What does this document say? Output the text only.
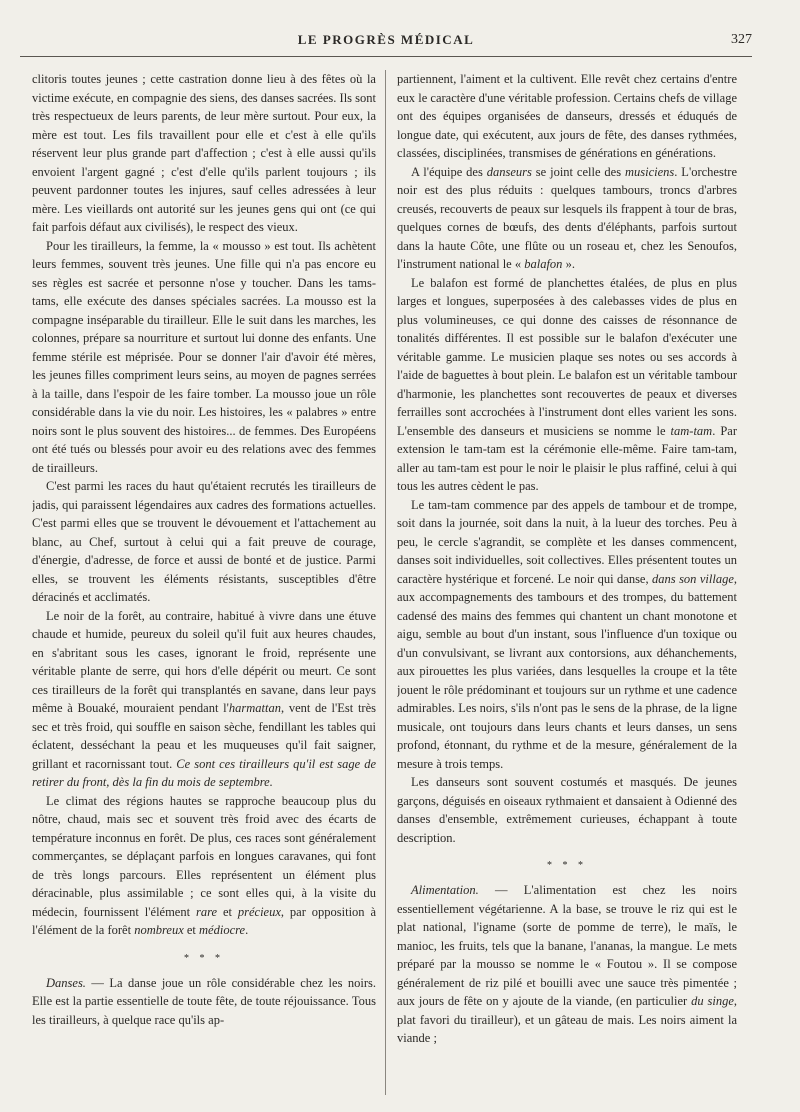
LE PROGRÈS MÉDICAL	327

clitoris toutes jeunes ; cette castration donne lieu à des fêtes où la victime exécute, en compagnie des siens, des danses sacrées. Ils sont très respectueux de leurs parents, de leur mère surtout. Pour eux, la mère est tout. Les fils travaillent pour elle et c'est à elle qu'ils réservent leur plus grande part d'affection ; c'est à elle aussi qu'ils envoient l'argent gagné ; c'est d'elle qu'ils parlent toujours ; ils peuvent pardonner toutes les injures, sauf celles adressées à leur mère. Les vieillards ont autorité sur les jeunes gens qui ont (ce qui fait parfois défaut aux civilisés), le respect des vieux.

Pour les tirailleurs, la femme, la « mousso » est tout. Ils achètent leurs femmes, souvent très jeunes. Une fille qui n'a pas encore eu ses règles est sacrée et personne n'ose y toucher. Dans les tams-tams, elle exécute des danses spéciales sacrées. La mousso est la compagne inséparable du tirailleur. Elle le suit dans les marches, les colonnes, prépare sa nourriture et surtout lui donne des enfants. Une femme stérile est méprisée. Pour se donner l'air d'avoir été mères, les jeunes filles compriment leurs seins, au moyen de pagnes serrées à la taille, dans l'espoir de les faire tomber. La mousso joue un rôle considérable dans la vie du noir. Les histoires, les « palabres » entre noirs sont le plus souvent des histoires... de femmes. Des Européens ont été tués ou blessés pour avoir eu des relations avec des femmes de tirailleurs.

C'est parmi les races du haut qu'étaient recrutés les tirailleurs de jadis, qui paraissent légendaires aux cadres des formations actuelles. C'est parmi elles que se trouvent le dévouement et l'attachement au blanc, au Chef, surtout à celui qui a fait preuve de courage, d'énergie, d'adresse, de force et aussi de bonté et de justice. Parmi elles, se trouvent les éléments résistants, susceptibles d'être déracinés et acclimatés.

Le noir de la forêt, au contraire, habitué à vivre dans une étuve chaude et humide, peureux du soleil qu'il fuit aux heures chaudes, en s'abritant sous les cases, ignorant le froid, représente une véritable plante de serre, qui hors d'elle dépérit ou meurt. Ce sont ces tirailleurs de la forêt qui transplantés en savane, dans leur pays même à Bouaké, mouraient pendant l'harmattan, vent de l'Est très sec et très froid, qui souffle en saison sèche, fendillant les tables qui éclatent, desséchant la peau et les muqueuses qu'il fait saigner, grillant et racornissant tout. Ce sont ces tirailleurs qu'il est sage de retirer du front, dès la fin du mois de septembre.

Le climat des régions hautes se rapproche beaucoup plus du nôtre, chaud, mais sec et souvent très froid avec des écarts de température inconnus en forêt. De plus, ces races sont généralement commerçantes, se déplaçant parfois en longues caravanes, qui font de très longs parcours. Elles représentent un élément plus déracinable, plus assimilable ; ce sont elles qui, à la visite du médecin, fournissent l'élément rare et précieux, par opposition à l'élément de la forêt nombreux et médiocre.

* * *

Danses. — La danse joue un rôle considérable chez les noirs. Elle est la partie essentielle de toute fête, de toute réjouissance. Tous les tirailleurs, à quelque race qu'ils ap-

partiennent, l'aiment et la cultivent. Elle revêt chez certains d'entre eux le caractère d'une véritable profession. Certains chefs de village ont des équipes organisées de danseurs, dressés et éduqués de longue date, qui exécutent, aux jours de fête, des danses rythmées, classées, disciplinées, transmises de générations en générations.

A l'équipe des danseurs se joint celle des musiciens. L'orchestre noir est des plus réduits : quelques tambours, troncs d'arbres creusés, recouverts de peaux sur lesquels ils frappent à tour de bras, quelques cornes de bœufs, des dents d'éléphants, parfois surtout dans la haute Côte, une flûte ou un roseau et, chez les Senoufos, l'instrument national le « balafon ».

Le balafon est formé de planchettes étalées, de plus en plus larges et longues, superposées à des calebasses vides de plus en plus volumineuses, ce qui donne des caisses de résonnance de tonalités différentes. Il est possible sur le balafon d'exécuter une véritable gamme. Le musicien plaque ses notes ou ses accords à l'aide de baguettes à bout plein. Le balafon est un véritable tambour d'harmonie, les planchettes sont recouvertes de peaux et diverses ferrailles sont accrochées à l'instrument dont elles varient les sons. L'ensemble des danseurs et musiciens se nomme le tam-tam. Par extension le tam-tam est la cérémonie elle-même. Faire tam-tam, aller au tam-tam est pour le noir le plaisir le plus raffiné, celui à qui tous les autres cèdent le pas.

Le tam-tam commence par des appels de tambour et de trompe, soit dans la journée, soit dans la nuit, à la lueur des torches. Peu à peu, le cercle s'agrandit, se complète et les danses commencent, danses soit individuelles, soit collectives. Elles présentent toutes un caractère hystérique et forcené. Le noir qui danse, dans son village, aux accompagnements des tambours et des trompes, du battement cadensé des mains des femmes qui chantent un chant monotone et aigu, semble au bout d'un instant, sous l'influence d'un toxique ou d'un convulsivant, se livrant aux contorsions, aux déhanchements, aux pirouettes les plus variées, dans lesquelles la croupe et la tête jouent le rôle prédominant et toujours sur un rythme et une cadence admirables. Les noirs, s'ils n'ont pas le sens de la phrase, de la ligne musicale, ont toujours dans leurs chants et leurs danses, un sens profond, étonnant, du rythme et de la mesure, généralement de la mesure à trois temps.

Les danseurs sont souvent costumés et masqués. De jeunes garçons, déguisés en oiseaux rythmaient et dansaient à Odienné des danses d'ensemble, extrêmement curieuses, échappant à toute description.

* * *

Alimentation. — L'alimentation est chez les noirs essentiellement végétarienne. A la base, se trouve le riz qui est le plat national, l'igname (sorte de pomme de terre), le maïs, le manioc, les fruits, tels que la banane, l'ananas, la mangue. Le mets préparé par la mousso se nomme le « Foutou ». Il se compose généralement de riz pilé et bouilli avec une sauce très pimentée ; aux jours de fête on y ajoute de la viande, (en particulier du singe, plat favori du tirailleur), et un gâteau de mais. Les noirs aiment la viande ;
